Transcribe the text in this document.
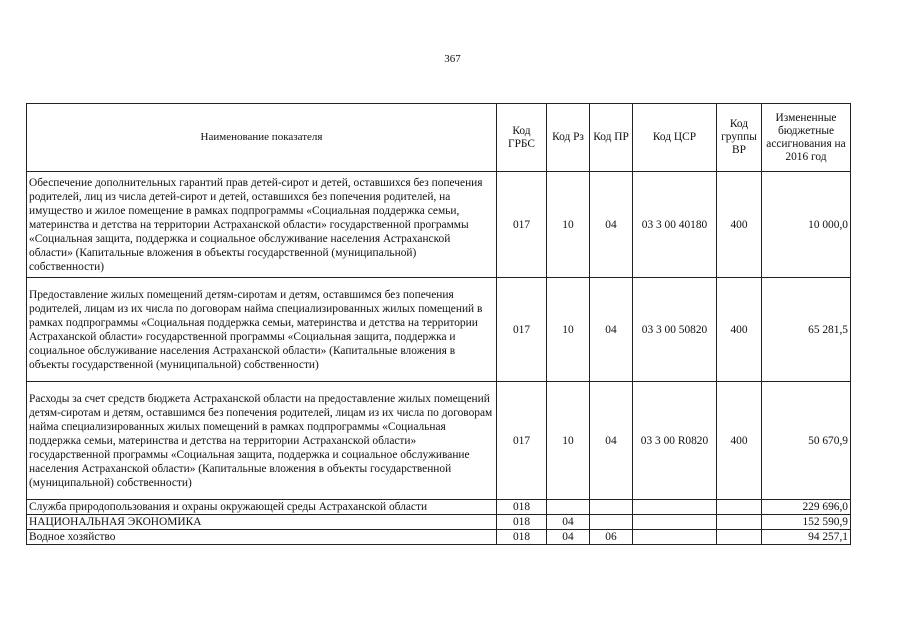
367
Наименование показателя	Код ГРБС	Код Рз	Код ПР	Код ЦСР	Код группы ВР	Измененные бюджетные ассигнования на 2016 год
Обеспечение дополнительных гарантий прав детей-сирот и детей, оставшихся без попечения родителей, лиц из числа детей-сирот и детей, оставшихся без попечения родителей, на имущество и жилое помещение в рамках подпрограммы «Социальная поддержка семьи, материнства и детства на территории Астраханской области» государственной программы «Социальная защита, поддержка и социальное обслуживание населения Астраханской области» (Капитальные вложения в объекты государственной (муниципальной) собственности)	017	10	04	03 3 00 40180	400	10 000,0
Предоставление жилых помещений детям-сиротам и детям, оставшимся без попечения родителей, лицам из их числа по договорам найма специализированных жилых помещений в рамках подпрограммы «Социальная поддержка семьи, материнства и детства на территории Астраханской области» государственной программы «Социальная защита, поддержка и социальное обслуживание населения Астраханской области» (Капитальные вложения в объекты государственной (муниципальной) собственности)	017	10	04	03 3 00 50820	400	65 281,5
Расходы за счет средств бюджета Астраханской области на предоставление жилых помещений детям-сиротам и детям, оставшимся без попечения родителей, лицам из их числа по договорам найма специализированных жилых помещений в рамках подпрограммы «Социальная поддержка семьи, материнства и детства на территории Астраханской области» государственной программы «Социальная защита, поддержка и социальное обслуживание населения Астраханской области» (Капитальные вложения в объекты государственной (муниципальной) собственности)	017	10	04	03 3 00 R0820	400	50 670,9
Служба природопользования и охраны окружающей среды Астраханской области	018					229 696,0
НАЦИОНАЛЬНАЯ ЭКОНОМИКА	018	04				152 590,9
Водное хозяйство	018	04	06			94 257,1
